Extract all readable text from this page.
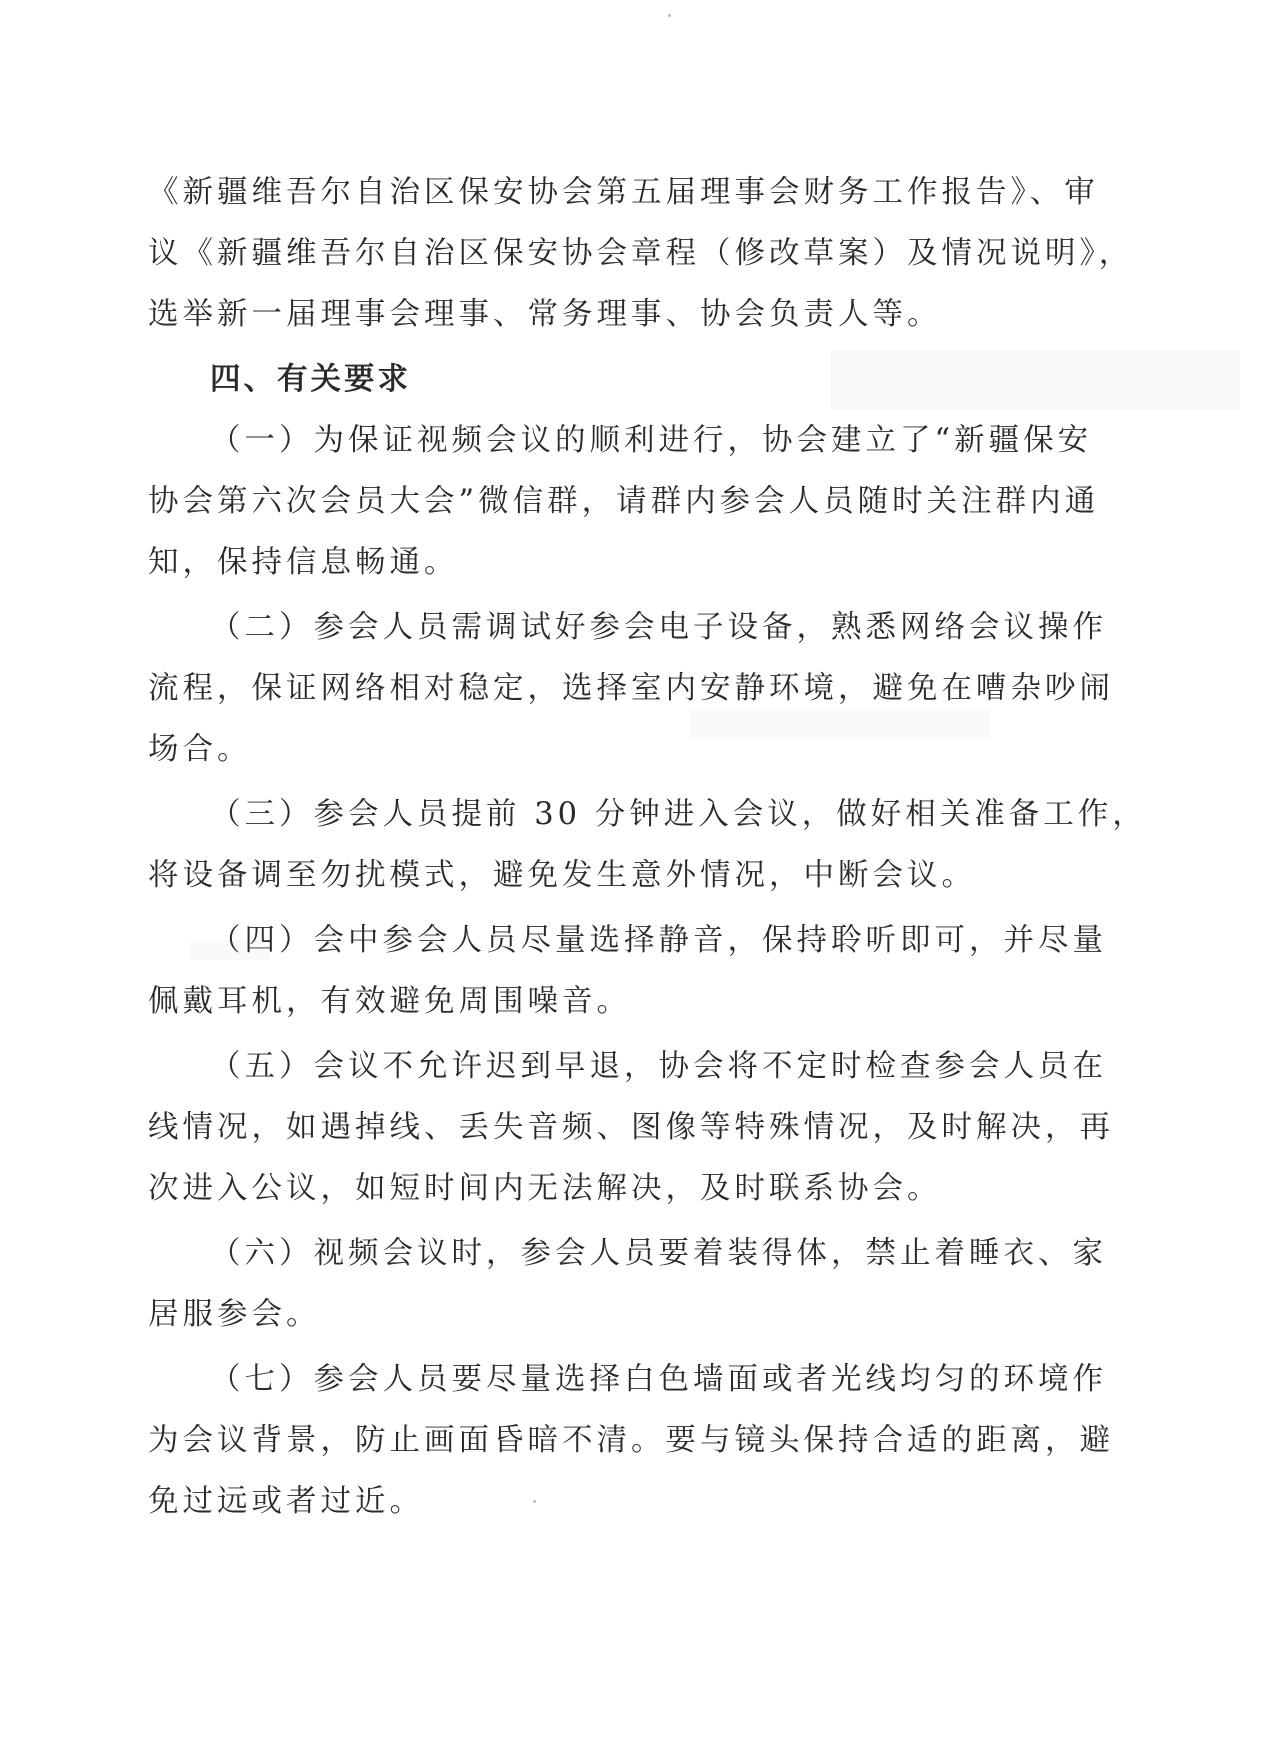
《新疆维吾尔自治区保安协会第五届理事会财务工作报告》、审
议《新疆维吾尔自治区保安协会章程（修改草案）及情况说明》，
选举新一届理事会理事、常务理事、协会负责人等。
四、有关要求
（一）为保证视频会议的顺利进行，协会建立了“新疆保安
协会第六次会员大会”微信群，请群内参会人员随时关注群内通
知，保持信息畅通。
（二）参会人员需调试好参会电子设备，熟悉网络会议操作
流程，保证网络相对稳定，选择室内安静环境，避免在嘈杂吵闹
场合。
（三）参会人员提前 30 分钟进入会议，做好相关准备工作，
将设备调至勿扰模式，避免发生意外情况，中断会议。
（四）会中参会人员尽量选择静音，保持聆听即可，并尽量
佩戴耳机，有效避免周围噪音。
（五）会议不允许迟到早退，协会将不定时检查参会人员在
线情况，如遇掉线、丢失音频、图像等特殊情况，及时解决，再
次进入公议，如短时间内无法解决，及时联系协会。
（六）视频会议时，参会人员要着装得体，禁止着睡衣、家
居服参会。
（七）参会人员要尽量选择白色墙面或者光线均匀的环境作
为会议背景，防止画面昏暗不清。要与镜头保持合适的距离，避
免过远或者过近。
